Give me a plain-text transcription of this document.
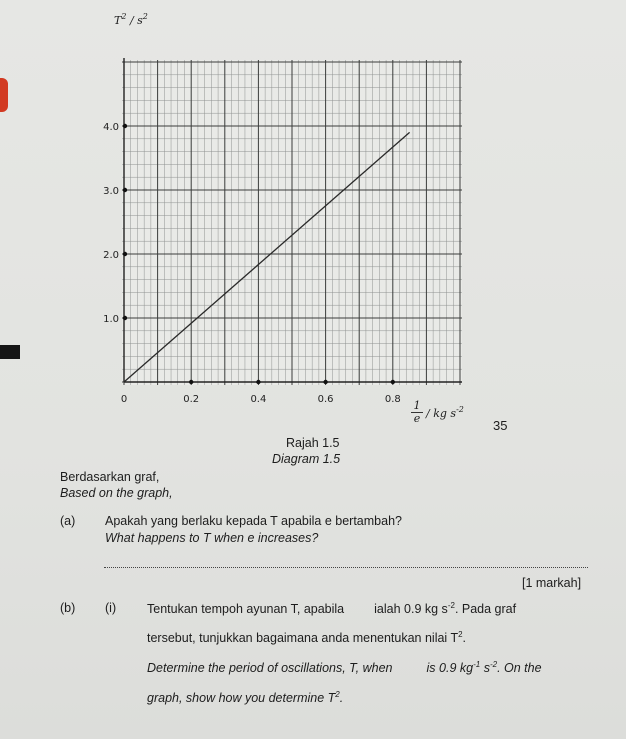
1.0
2.0
3.0
4.0
0	0.2	0.4	0.6	0.8
$T^2 / s^2$
1
e / kg $s^{-2}$
35
Rajah 1.5
Diagram 1.5
Berdasarkan graf,
Based on the graph,
(a) Apakah yang berlaku kepada T apabila e bertambah?
What happens to T when e increases?
[1 markah]
(b) (i) Tentukan tempoh ayunan T, apabila ialah 0.9 kg $s^{-2}$. Pada graf
tersebut, tunjukkan bagaimana anda menentukan nilai $T^2$.
Determine the period of oscillations, T, when	is 0.9 $kg^{-1}$ $s^{-2}$. On the
graph, show how you determine $T^2$.
